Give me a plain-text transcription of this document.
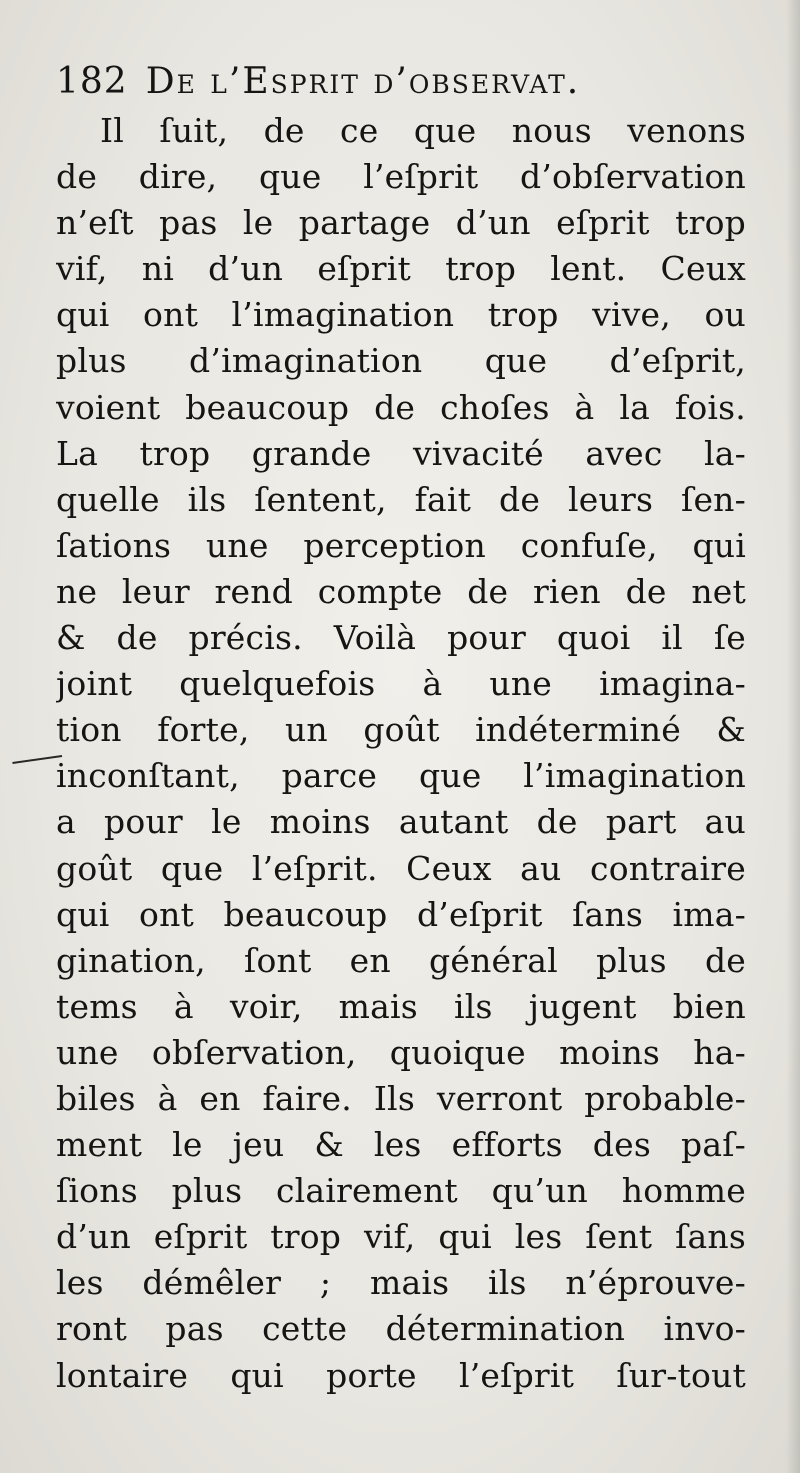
182 De l’Esprit d’observat.
Il ſuit, de ce que nous venons
de dire, que l’eſprit d’obſervation
n’eſt pas le partage d’un eſprit trop
vif, ni d’un eſprit trop lent. Ceux
qui ont l’imagination trop vive, ou
plus d’imagination que d’eſprit,
voient beaucoup de choſes à la fois.
La trop grande vivacité avec la-
quelle ils ſentent, fait de leurs ſen-
ſations une perception confuſe, qui
ne leur rend compte de rien de net
& de précis. Voilà pour quoi il ſe
joint quelquefois à une imagina-
tion forte, un goût indéterminé &
inconſtant, parce que l’imagination
a pour le moins autant de part au
goût que l’eſprit. Ceux au contraire
qui ont beaucoup d’eſprit ſans ima-
gination, ſont en général plus de
tems à voir, mais ils jugent bien
une obſervation, quoique moins ha-
biles à en faire. Ils verront probable-
ment le jeu & les efforts des paſ-
ſions plus clairement qu’un homme
d’un eſprit trop vif, qui les ſent ſans
les démêler ; mais ils n’éprouve-
ront pas cette détermination invo-
lontaire qui porte l’eſprit ſur-tout
